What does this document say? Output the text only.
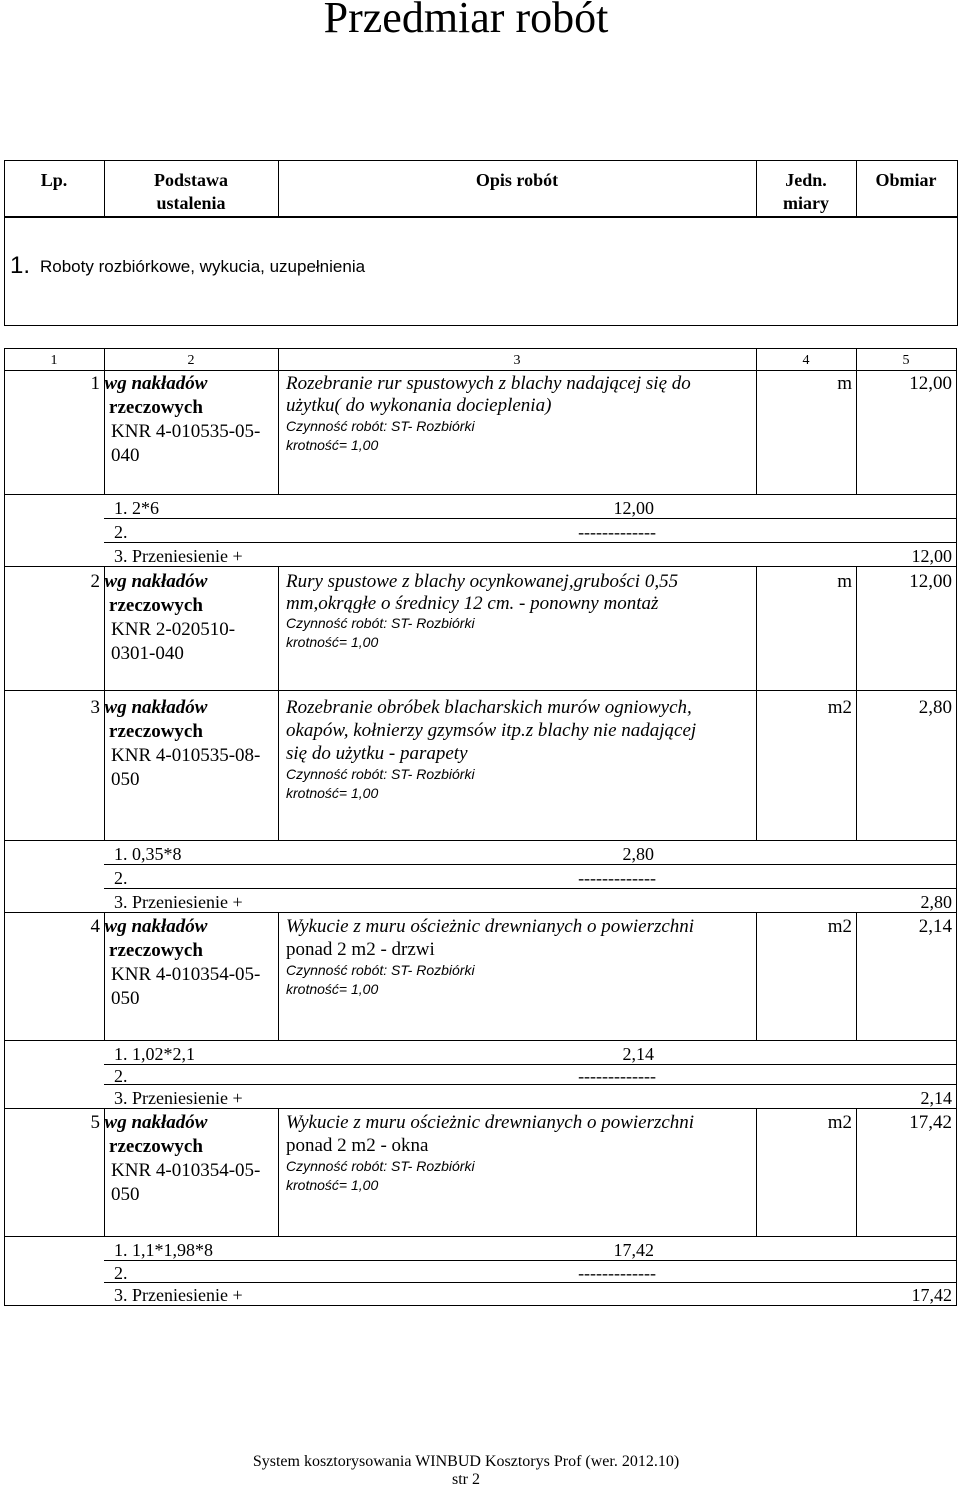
Przedmiar robót
Lp.	Podstawa
ustalenia
Opis robót	Jedn.
miary
Obmiar
1. Roboty rozbiórkowe, wykucia, uzupełnienia
1	2	3	4	5
1 wg nakładów
rzeczowych
KNR 4-010535-05-
040
Rozebranie rur spustowych z blachy nadającej się do
użytku( do wykonania docieplenia)
Czynność robót: ST- Rozbiórki
krotność= 1,00
m	12,00
1. 2*6	12,00
2.	-------------
3. Przeniesienie +	12,00
2 wg nakładów
rzeczowych
KNR 2-020510-
0301-040
Rury spustowe z blachy ocynkowanej,grubości 0,55
mm,okrągłe o średnicy 12 cm. - ponowny montaż
Czynność robót: ST- Rozbiórki
krotność= 1,00
m	12,00
3 wg nakładów
rzeczowych
KNR 4-010535-08-
050
Rozebranie obróbek blacharskich murów ogniowych,
okapów, kołnierzy gzymsów itp.z blachy nie nadającej
się do użytku - parapety
Czynność robót: ST- Rozbiórki
krotność= 1,00
m2	2,80
1. 0,35*8	2,80
2.	-------------
3. Przeniesienie +	2,80
4 wg nakładów
rzeczowych
KNR 4-010354-05-
050
Wykucie z muru ościeżnic drewnianych o powierzchni
ponad 2 m2 - drzwi
Czynność robót: ST- Rozbiórki
krotność= 1,00
m2	2,14
1. 1,02*2,1	2,14
2.	-------------
3. Przeniesienie +	2,14
5 wg nakładów
rzeczowych
KNR 4-010354-05-
050
Wykucie z muru ościeżnic drewnianych o powierzchni
ponad 2 m2 - okna
Czynność robót: ST- Rozbiórki
krotność= 1,00
m2	17,42
1. 1,1*1,98*8	17,42
2.	-------------
3. Przeniesienie +	17,42
System kosztorysowania WINBUD Kosztorys Prof (wer. 2012.10)
str 2
